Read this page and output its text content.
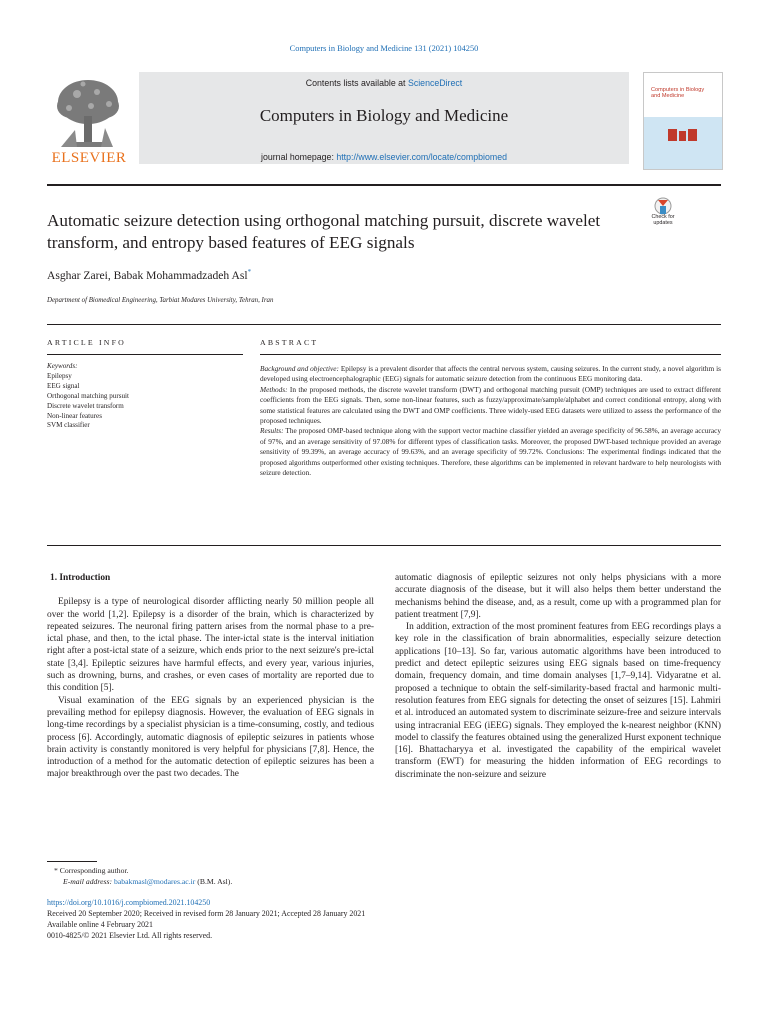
Computers in Biology and Medicine 131 (2021) 104250
ELSEVIER
Contents lists available at ScienceDirect
Computers in Biology and Medicine
journal homepage: http://www.elsevier.com/locate/compbiomed
Computers in Biology and Medicine
Automatic seizure detection using orthogonal matching pursuit, discrete wavelet transform, and entropy based features of EEG signals
Check for
updates
Asghar Zarei, Babak Mohammadzadeh Asl*
Department of Biomedical Engineering, Tarbiat Modares University, Tehran, Iran
ARTICLE INFO
Keywords:
Epilepsy
EEG signal
Orthogonal matching pursuit
Discrete wavelet transform
Non-linear features
SVM classifier
ABSTRACT

Background and objective: Epilepsy is a prevalent disorder that affects the central nervous system, causing seizures. In the current study, a novel algorithm is developed using electroencephalographic (EEG) signals for automatic seizure detection from the continuous EEG monitoring data.

Methods: In the proposed methods, the discrete wavelet transform (DWT) and orthogonal matching pursuit (OMP) techniques are used to extract different coefficients from the EEG signals. Then, some non-linear features, such as fuzzy/approximate/sample/alphabet and correct conditional entropy, along with some statistical features are calculated using the DWT and OMP coefficients. Three widely-used EEG datasets were utilized to assess the performance of the proposed techniques.

Results: The proposed OMP-based technique along with the support vector machine classifier yielded an average specificity of 96.58%, an average accuracy of 97%, and an average sensitivity of 97.08% for different types of classification tasks. Moreover, the proposed DWT-based technique provided an average sensitivity of 99.39%, an average accuracy of 99.63%, and an average specificity of 99.72%. Conclusions: The experimental findings indicated that the proposed algorithms outperformed other existing techniques. Therefore, these algorithms can be implemented in relevant hardware to help neurologists with seizure detection.

1. Introduction

Epilepsy is a type of neurological disorder afflicting nearly 50 million people all over the world [1,2]. Epilepsy is a disorder of the brain, which is characterized by repeated seizures. The neuronal firing pattern arises from the normal phase to a pre-ictal phase, and then, to the ictal phase. The inter-ictal state is the interval initiation right after a post-ictal state of a seizure, which ends prior to the next seizure's pre-ictal state [3,4]. Epileptic seizures have harmful effects, and every year, various injuries, such as drowning, burns, and crashes, or even cases of mortality are reported due to this condition [5].

Visual examination of the EEG signals by an experienced physician is the prevailing method for epilepsy diagnosis. However, the evaluation of EEG signals in long-time recordings by a specialist physician is a time-consuming, costly, and tedious process [6]. Accordingly, automatic diagnosis of epileptic seizures in patients whose brain activity is constantly monitored is very helpful for physicians [7,8]. Hence, the introduction of a method for the automatic detection of epileptic seizures has been a major breakthrough over the past two decades. The

automatic diagnosis of epileptic seizures not only helps physicians with a more accurate diagnosis of the disease, but it will also helps them better understand the mechanisms behind the disease, and, as a result, come up with a programmed plan for patient treatment [7,9].

In addition, extraction of the most prominent features from EEG recordings plays a key role in the classification of brain abnormalities, especially seizure detection applications [10–13]. So far, various automatic algorithms have been introduced to predict and detect epileptic seizures using EEG signals based on time-frequency domain, frequency domain, and time domain analyses [1,7–9,14]. Vidyaratne et al. proposed a technique to obtain the self-similarity-based fractal and harmonic multi-resolution features from EEG signals for detecting the onset of seizures [15]. Lahmiri et al. introduced an automated system to discriminate seizure-free and seizure intervals using intracranial EEG (iEEG) signals. They employed the k-nearest neighbor (KNN) model to classify the features obtained using the generalized Hurst exponent technique [16]. Bhattacharyya et al. investigated the capability of the empirical wavelet transform (EWT) for measuring the hidden information of EEG recordings to discriminate the non-seizure and seizure

* Corresponding author.
E-mail address: babakmasl@modares.ac.ir (B.M. Asl).
https://doi.org/10.1016/j.compbiomed.2021.104250
Received 20 September 2020; Received in revised form 28 January 2021; Accepted 28 January 2021
Available online 4 February 2021
0010-4825/© 2021 Elsevier Ltd. All rights reserved.
